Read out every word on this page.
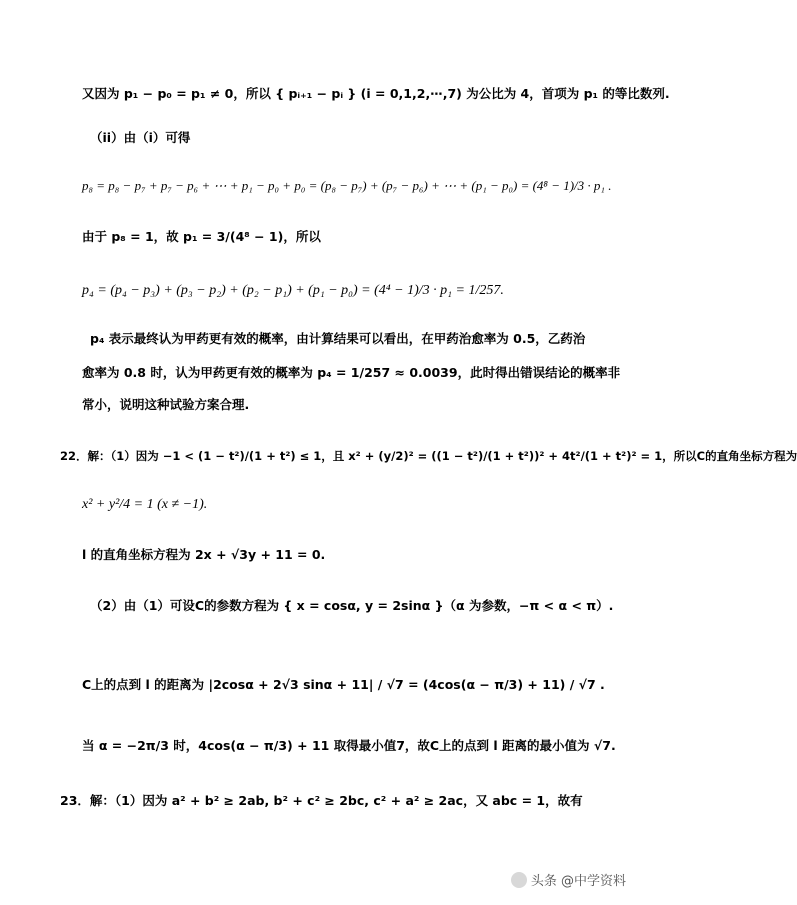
又因为 p₁ − p₀ = p₁ ≠ 0，所以 { pᵢ₊₁ − pᵢ } (i = 0,1,2,⋯,7) 为公比为 4，首项为 p₁ 的等比数列.
（ii）由（i）可得
p₈ = p₈ − p₇ + p₇ − p₆ + ⋯ + p₁ − p₀ + p₀ = (p₈ − p₇) + (p₇ − p₆) + ⋯ + (p₁ − p₀) = (4⁸ − 1)/3 · p₁ .
由于 p₈ = 1，故 p₁ = 3/(4⁸ − 1)，所以
p₄ = (p₄ − p₃) + (p₃ − p₂) + (p₂ − p₁) + (p₁ − p₀) = (4⁴ − 1)/3 · p₁ = 1/257.
p₄ 表示最终认为甲药更有效的概率，由计算结果可以看出，在甲药治愈率为 0.5，乙药治
愈率为 0.8 时，认为甲药更有效的概率为 p₄ = 1/257 ≈ 0.0039，此时得出错误结论的概率非
常小，说明这种试验方案合理.
22．解：（1）因为 −1 < (1 − t²)/(1 + t²) ≤ 1，且 x² + (y/2)² = ((1 − t²)/(1 + t²))² + 4t²/(1 + t²)² = 1，所以C的直角坐标方程为
x² + y²/4 = 1 (x ≠ −1).
l 的直角坐标方程为 2x + √3y + 11 = 0.
（2）由（1）可设C的参数方程为 { x = cosα, y = 2sinα }（α 为参数，−π < α < π）.
C上的点到 l 的距离为 |2cosα + 2√3 sinα + 11| / √7 = (4cos(α − π/3) + 11) / √7 .
当 α = −2π/3 时，4cos(α − π/3) + 11 取得最小值7，故C上的点到 l 距离的最小值为 √7.
23．解：（1）因为 a² + b² ≥ 2ab, b² + c² ≥ 2bc, c² + a² ≥ 2ac，又 abc = 1，故有
头条 @中学资料
